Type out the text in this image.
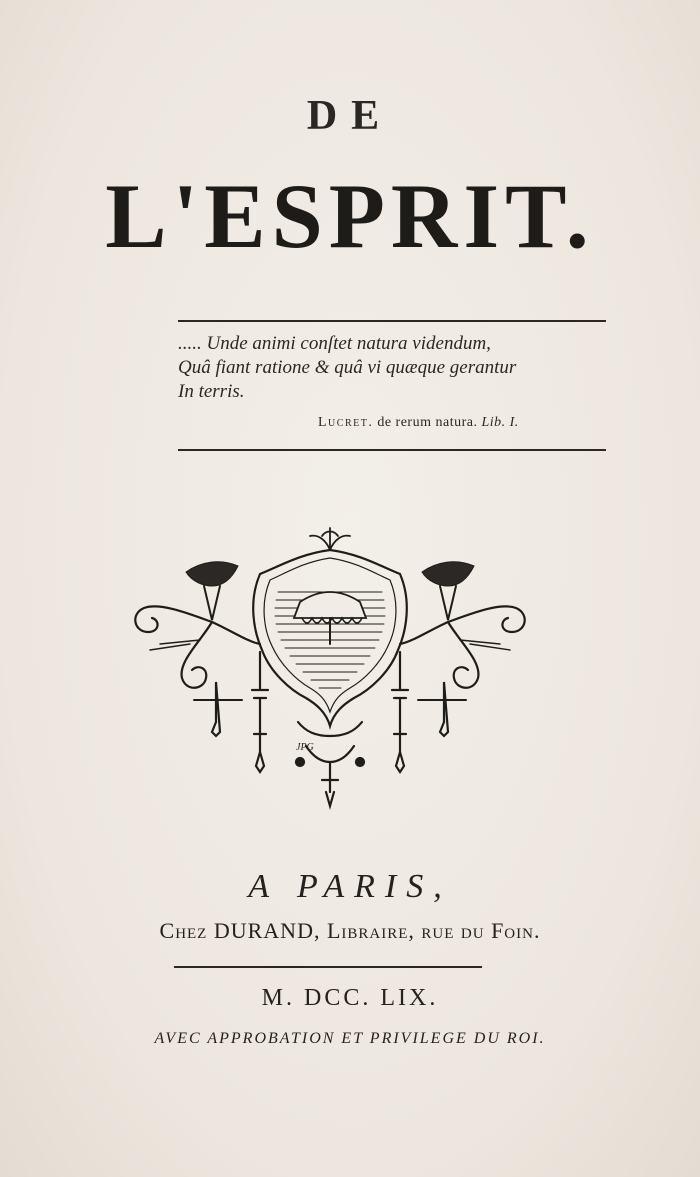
DE
L'ESPRIT.
..... Unde animi conſtet natura videndum,
Quâ fiant ratione & quâ vi quæque gerantur
In terris.
Lucret. de rerum natura. Lib. I.
JPG
A PARIS,
Chez DURAND, Libraire, rue du Foin.
M. DCC. LIX.
AVEC APPROBATION ET PRIVILEGE DU ROI.
